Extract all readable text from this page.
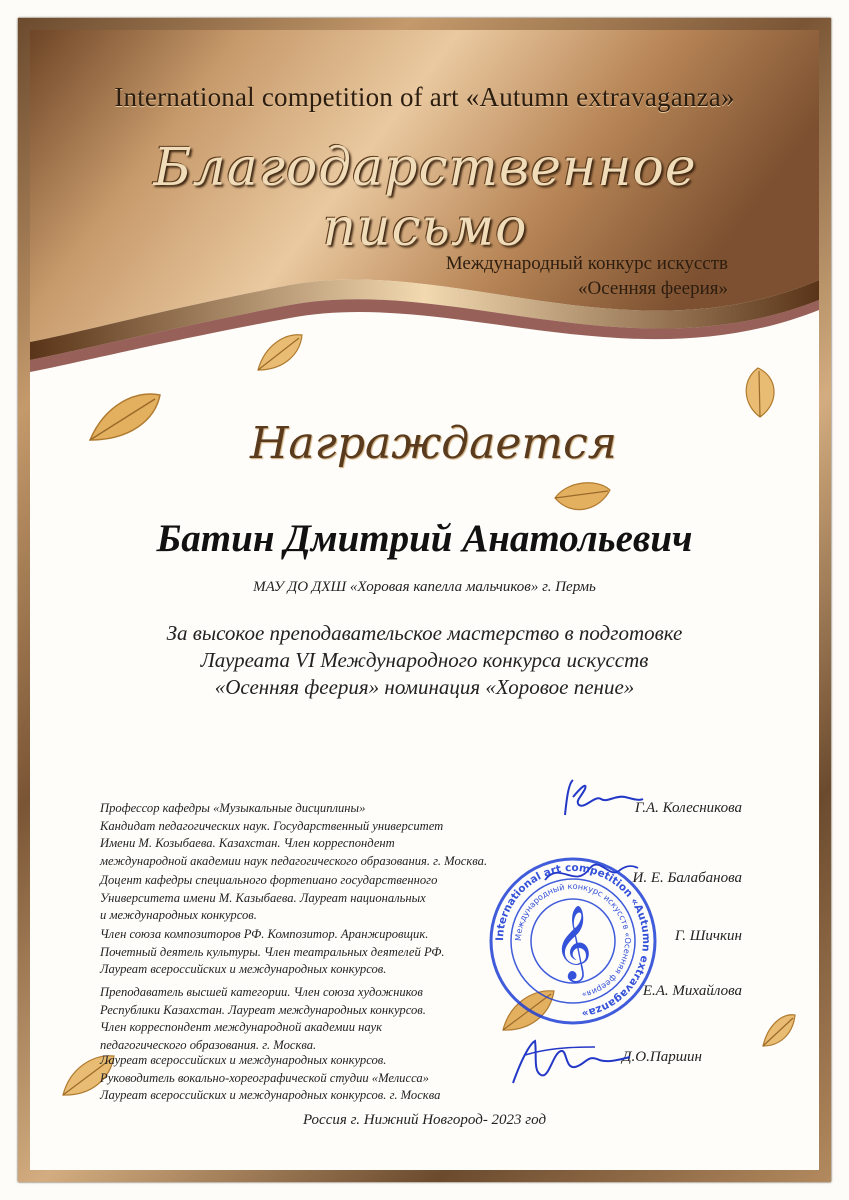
International competition of art «Autumn extravaganza»

Благодарственное письмо

Международный конкурс искусств
«Осенняя феерия»

Награждается

Батин Дмитрий Анатольевич

МАУ ДО ДХШ «Хоровая капелла мальчиков» г. Пермь

За высокое преподавательское мастерство в подготовке
Лауреата VI Международного конкурса искусств
«Осенняя феерия» номинация «Хоровое пение»

Профессор кафедры «Музыкальные дисциплины»
Кандидат педагогических наук. Государственный университет
Имени М. Козыбаева. Казахстан. Член корреспондент
международной академии наук педагогического образования. г. Москва.

Г.А. Колесникова

Доцент кафедры специального фортепиано государственного
Университета имени М. Казыбаева. Лауреат национальных
и международных конкурсов.

И. Е. Балабанова

Член союза композиторов РФ. Композитор. Аранжировщик.
Почетный деятель культуры. Член театральных деятелей РФ.
Лауреат всероссийских и международных конкурсов.

Г. Шичкин

Преподаватель высшей категории. Член союза художников
Республики Казахстан. Лауреат международных конкурсов.
Член корреспондент международной академии наук
педагогического образования. г. Москва.

Е.А. Михайлова

Лауреат всероссийских и международных конкурсов.
Руководитель вокально-хореографической студии «Мелисса»
Лауреат всероссийских и международных конкурсов. г. Москва

Д.О.Паршин

International art competition «Autumn extravaganza»
Международный конкурс искусств «Осенняя феерия»
𝄞

Россия г. Нижний Новгород- 2023 год
